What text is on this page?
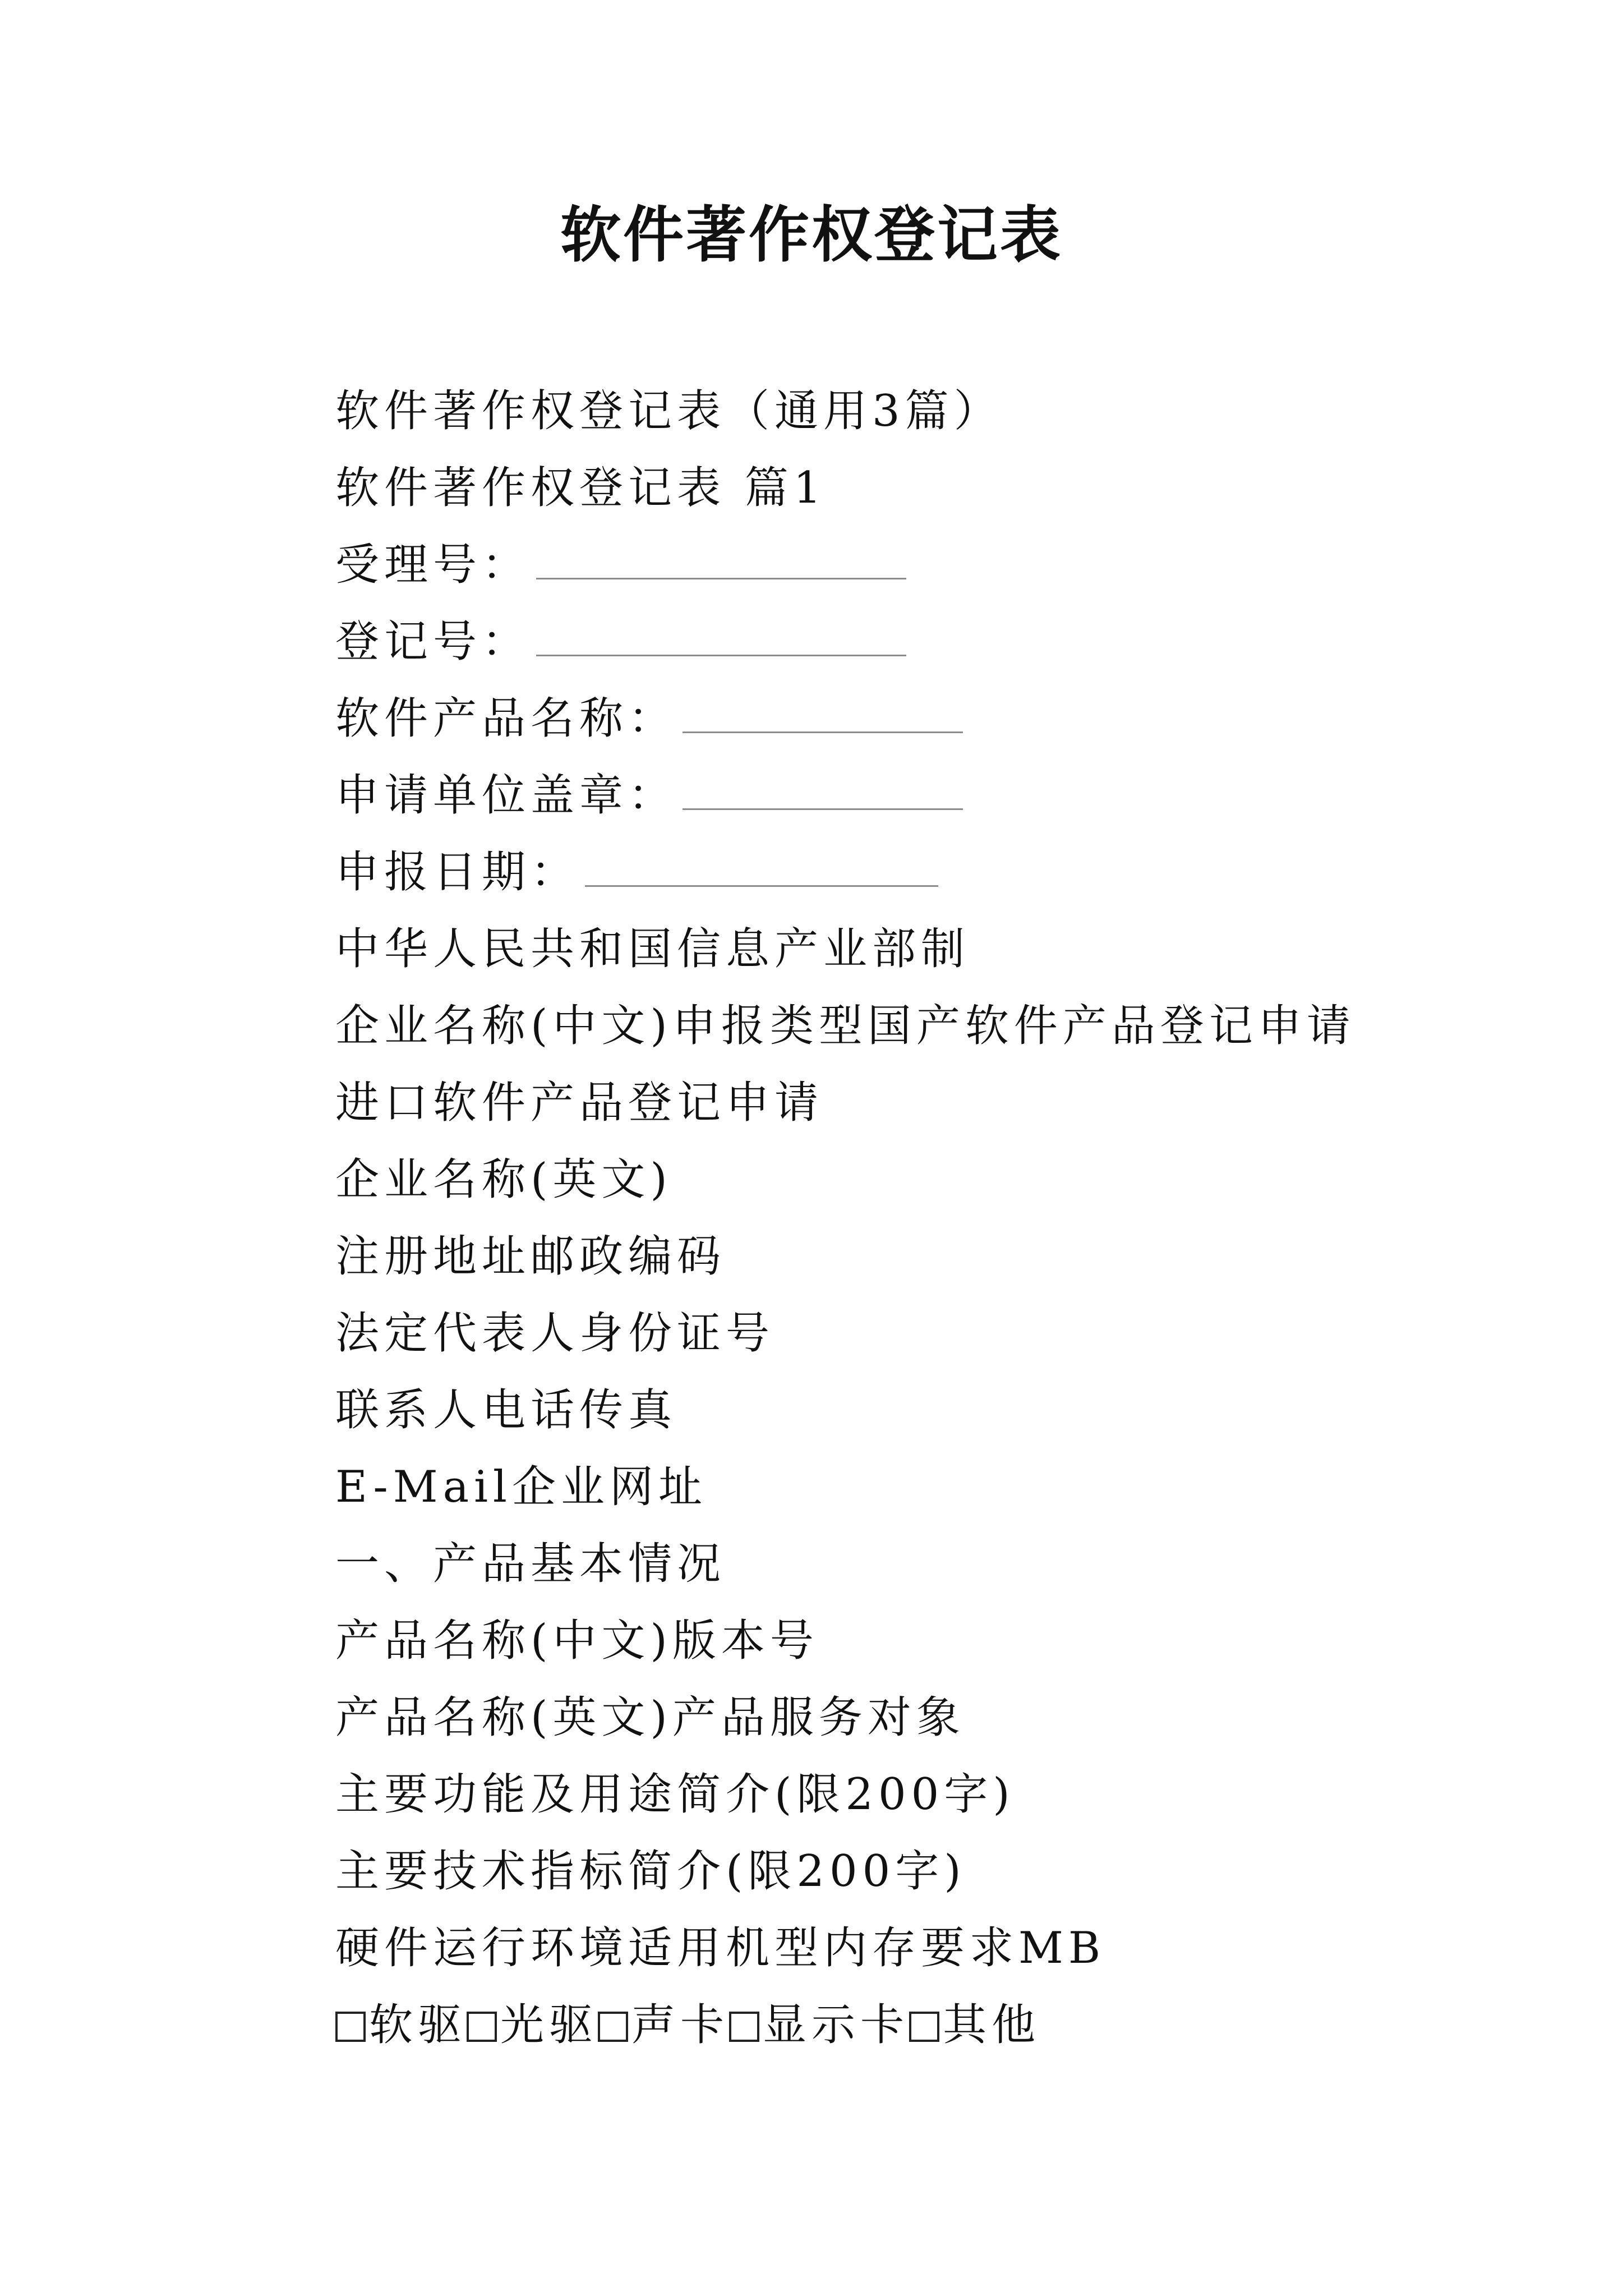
软件著作权登记表
软件著作权登记表（通用3篇）
软件著作权登记表 篇1
受理号：
登记号：
软件产品名称：
申请单位盖章：
申报日期：
中华人民共和国信息产业部制
企业名称(中文)申报类型国产软件产品登记申请
进口软件产品登记申请
企业名称(英文)
注册地址邮政编码
法定代表人身份证号
联系人电话传真
E-Mail企业网址
一、产品基本情况
产品名称(中文)版本号
产品名称(英文)产品服务对象
主要功能及用途简介(限200字)
主要技术指标简介(限200字)
硬件运行环境适用机型内存要求MB
软驱 光驱 声卡 显示卡 其他
